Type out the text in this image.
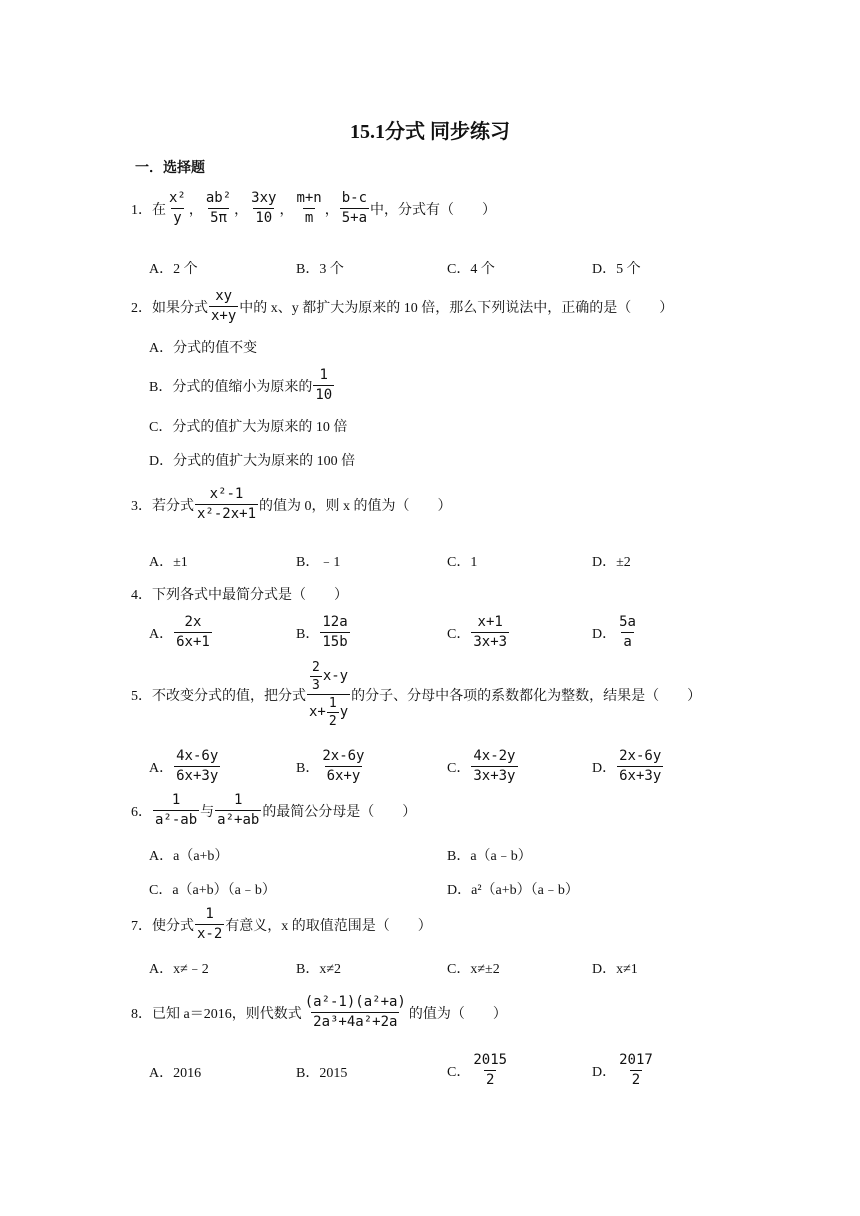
15.1分式 同步练习
一．选择题
1．在 $\frac{\text{x²}}{y}$ ， $\frac{\text{ab²}}{5\pi}$ ， $\frac{3xy}{10}$ ， $\frac{m+n}{m}$ ， $\frac{b-c}{5+a}$ 中，分式有（　　）
A．2 个	B．3 个	C．4 个	D．5 个
2．如果分式 $\frac{xy}{x+y}$ 中的 x、y 都扩大为原来的 10 倍，那么下列说法中，正确的是（　　）
A．分式的值不变
B．分式的值缩小为原来的 $\frac{1}{10}$
C．分式的值扩大为原来的 10 倍
D．分式的值扩大为原来的 100 倍
3．若分式 $\frac{\text{x²-1}}{\text{x²-2x+1}}$ 的值为 0，则 x 的值为（　　）
A．±1	B．﹣1	C．1	D．±2
4．下列各式中最简分式是（　　）
A． $\frac{2x}{6x+1}$	B． $\frac{12a}{15b}$	C． $\frac{x+1}{3x+3}$	D． $\frac{5a}{a}$
5．不改变分式的值，把分式 $\frac{\frac{2}{3} x-y}{x+ \frac{1}{2} y}$ 的分子、分母中各项的系数都化为整数，结果是（　　）
A． $\frac{4x-6y}{6x+3y}$	B． $\frac{2x-6y}{6x+y}$	C． $\frac{4x-2y}{3x+3y}$	D． $\frac{2x-6y}{6x+3y}$
6． $\frac{1}{\text{a²-ab}}$ 与 $\frac{1}{\text{a²+ab}}$ 的最简公分母是（　　）
A．a（a+b）	B．a（a﹣b）
C．a（a+b）（a﹣b）	D．a²（a+b）（a﹣b）
7．使分式 $\frac{1}{x-2}$ 有意义，x 的取值范围是（　　）
A．x≠﹣2	B．x≠2	C．x≠±2	D．x≠1
8．已知 a＝2016，则代数式 $\frac{\text{(a²-1)(a²+a)}}{\text{2a³+4a²+2a}}$ 的值为（　　）
A．2016	B．2015	C． $\frac{2015}{2}$	D． $\frac{2017}{2}$
